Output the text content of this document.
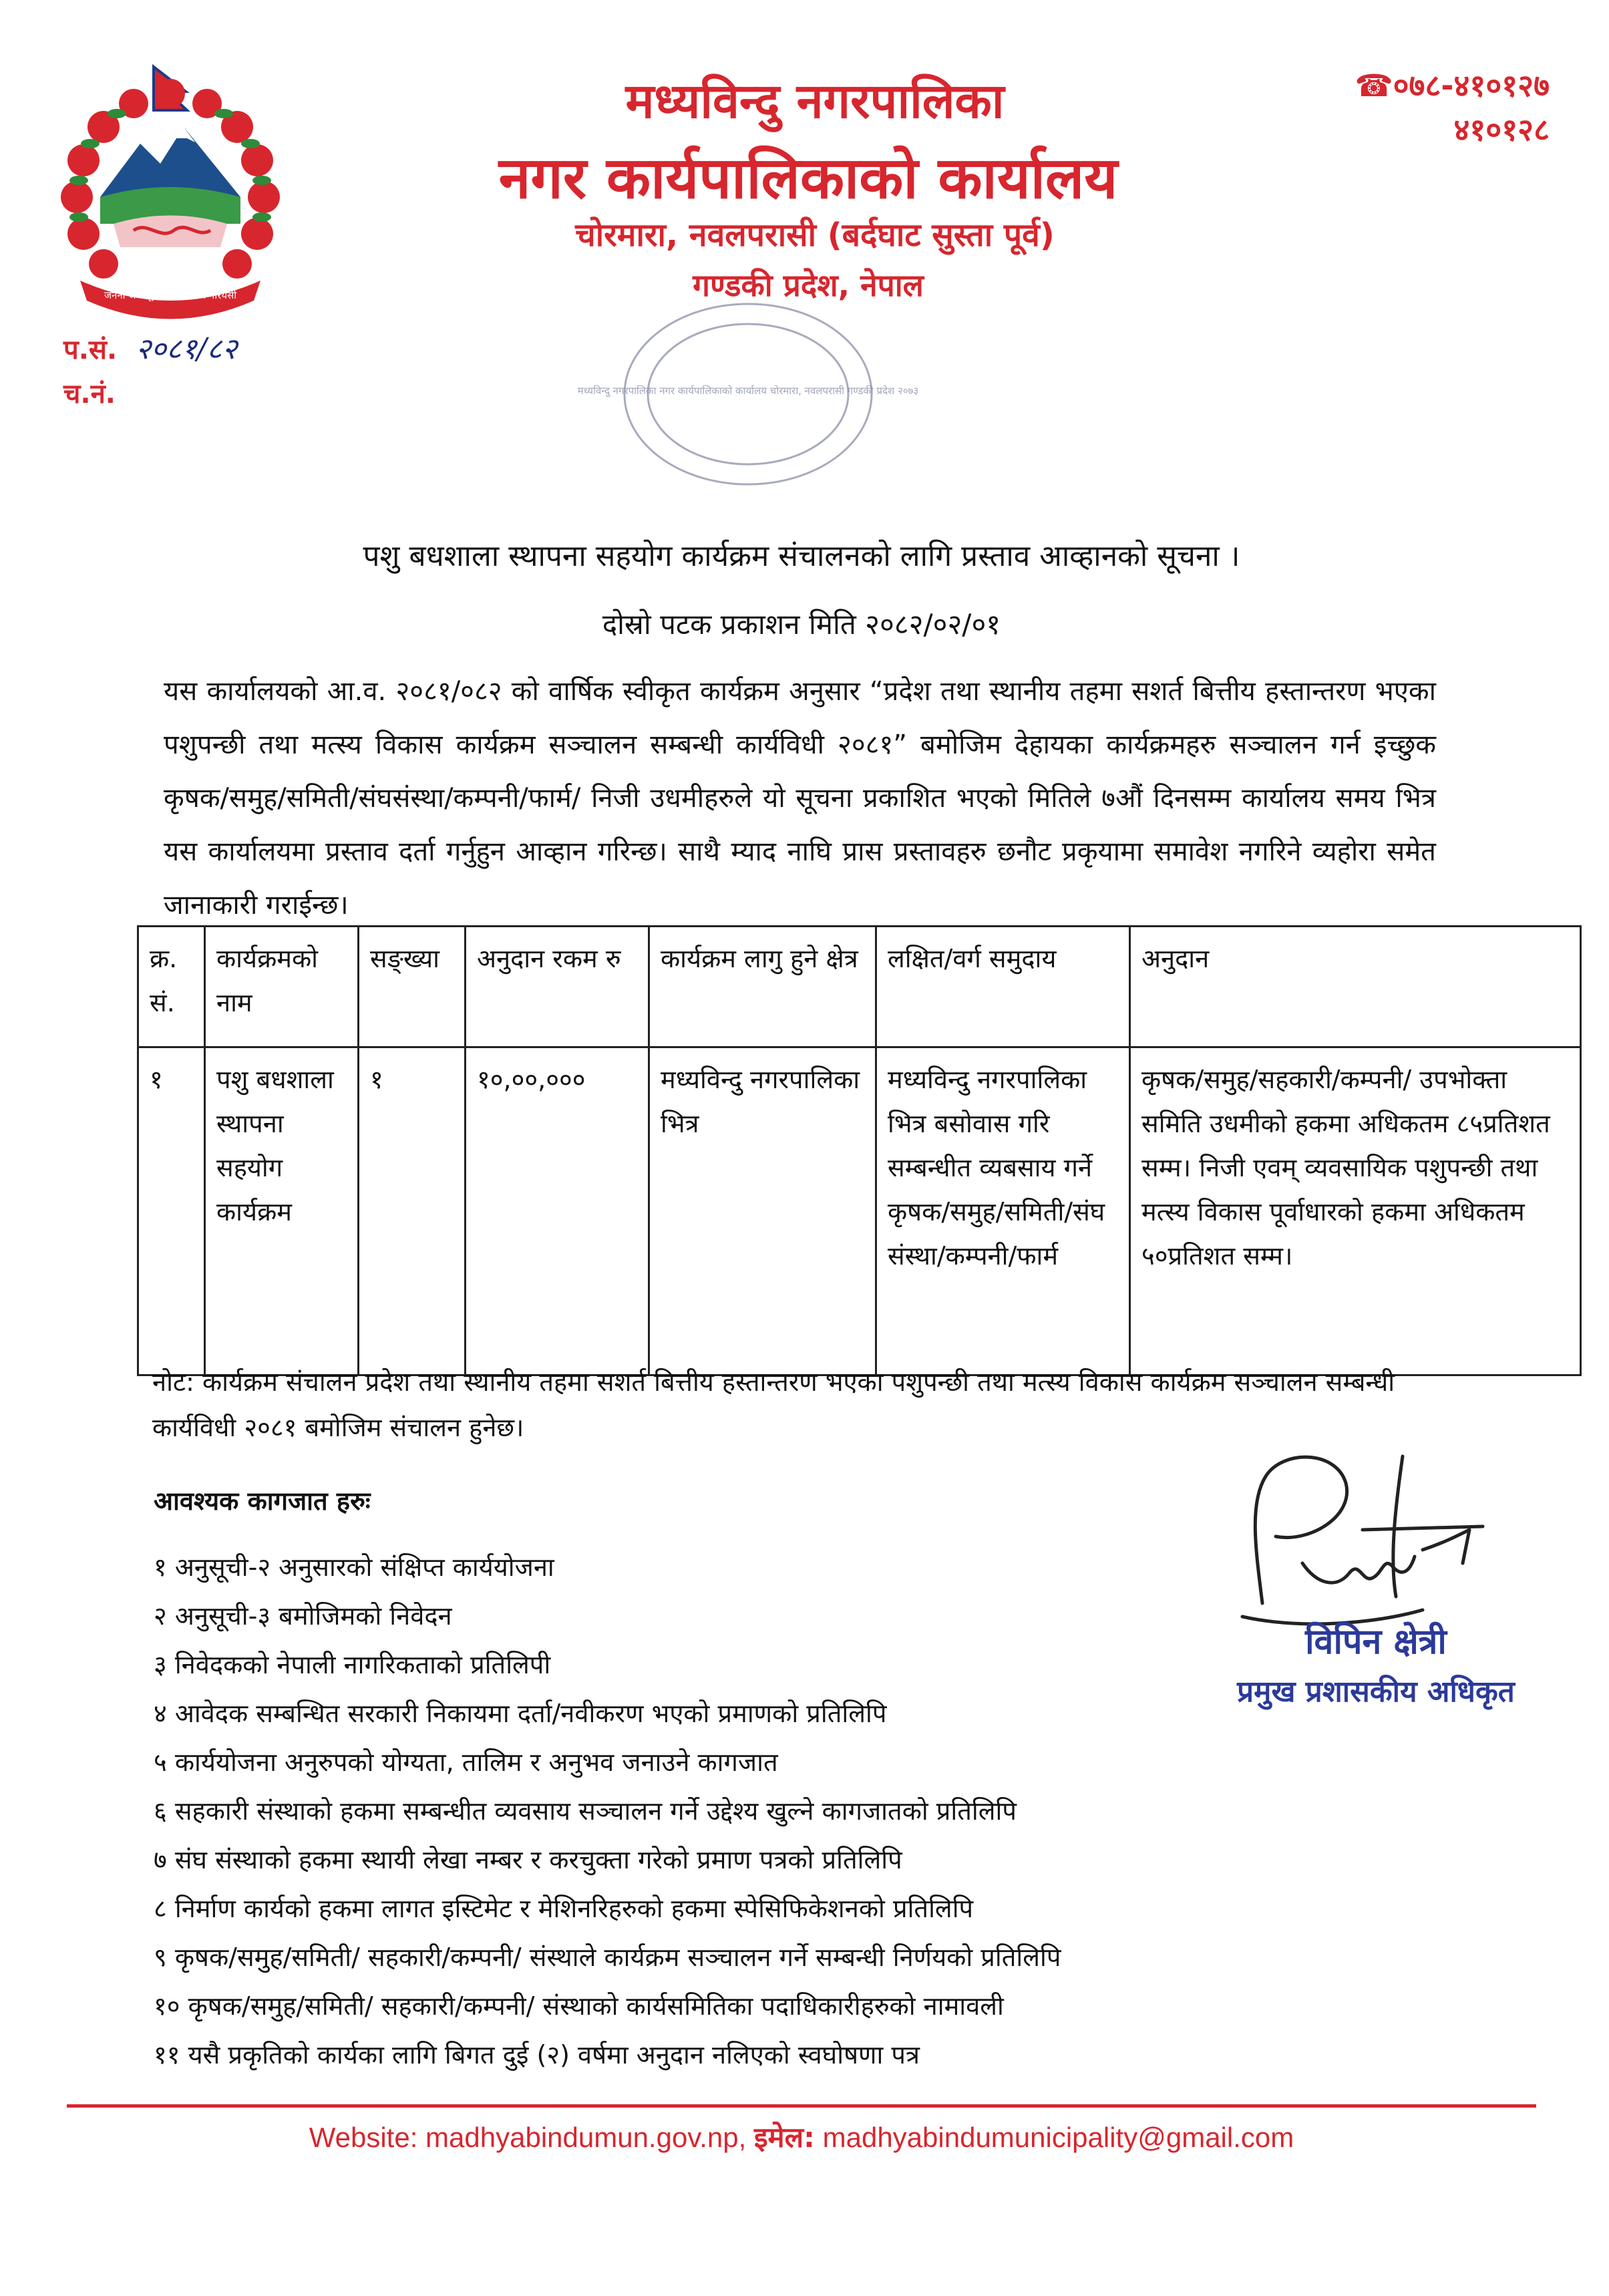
जननी जन्मभूमिश्च स्वर्गादपि गरियसी
मध्यविन्दु नगरपालिका
नगर कार्यपालिकाको कार्यालय
चोरमारा, नवलपरासी (बर्दघाट सुस्ता पूर्व)
गण्डकी प्रदेश, नेपाल
☎०७८-४१०१२७
४१०१२८
प.सं. २०८१/८२
च.नं.	मध्यविन्दु नगरपालिका नगर कार्यपालिकाको कार्यालय चोरमारा, नवलपरासी गण्डकी प्रदेश २०७३
पशु बधशाला स्थापना सहयोग कार्यक्रम संचालनको लागि प्रस्ताव आव्हानको सूचना ।
दोस्रो पटक प्रकाशन मिति २०८२/०२/०१
यस कार्यालयको आ.व. २०८१/०८२ को वार्षिक स्वीकृत कार्यक्रम अनुसार “प्रदेश तथा स्थानीय तहमा सशर्त बित्तीय हस्तान्तरण भएका पशुपन्छी तथा मत्स्य विकास कार्यक्रम सञ्चालन सम्बन्धी कार्यविधी २०८१” बमोजिम देहायका कार्यक्रमहरु सञ्चालन गर्न इच्छुक कृषक/समुह/समिती/संघसंस्था/कम्पनी/फार्म/ निजी उधमीहरुले यो सूचना प्रकाशित भएको मितिले ७औं दिनसम्म कार्यालय समय भित्र यस कार्यालयमा प्रस्ताव दर्ता गर्नुहुन आव्हान गरिन्छ। साथै म्याद नाघि प्रास प्रस्तावहरु छनौट प्रकृयामा समावेश नगरिने व्यहोरा समेत जानाकारी गराईन्छ।
क्र. सं.	कार्यक्रमको नाम	सङ्ख्या	अनुदान रकम रु	कार्यक्रम लागु हुने क्षेत्र	लक्षित/वर्ग समुदाय	अनुदान
१	पशु बधशाला स्थापना सहयोग कार्यक्रम	१	१०,००,०००	मध्यविन्दु नगरपालिका भित्र	मध्यविन्दु नगरपालिका भित्र बसोवास गरि सम्बन्धीत व्यबसाय गर्ने कृषक/समुह/समिती/संघ संस्था/कम्पनी/फार्म	कृषक/समुह/सहकारी/कम्पनी/ उपभोक्ता समिति उधमीको हकमा अधिकतम ८५प्रतिशत सम्म। निजी एवम् व्यवसायिक पशुपन्छी तथा मत्स्य विकास पूर्वाधारको हकमा अधिकतम ५०प्रतिशत सम्म।
नोट: कार्यक्रम संचालन प्रदेश तथा स्थानीय तहमा सशर्त बित्तीय हस्तान्तरण भएका पशुपन्छी तथा मत्स्य विकास कार्यक्रम सञ्चालन सम्बन्धी कार्यविधी २०८१ बमोजिम संचालन हुनेछ।
आवश्यक कागजात हरुः
१ अनुसूची-२ अनुसारको संक्षिप्त कार्ययोजना
२ अनुसूची-३ बमोजिमको निवेदन
३ निवेदकको नेपाली नागरिकताको प्रतिलिपी
४ आवेदक सम्बन्धित सरकारी निकायमा दर्ता/नवीकरण भएको प्रमाणको प्रतिलिपि
५ कार्ययोजना अनुरुपको योग्यता, तालिम र अनुभव जनाउने कागजात
६ सहकारी संस्थाको हकमा सम्बन्धीत व्यवसाय सञ्चालन गर्ने उद्देश्य खुल्ने कागजातको प्रतिलिपि
७ संघ संस्थाको हकमा स्थायी लेखा नम्बर र करचुक्ता गरेको प्रमाण पत्रको प्रतिलिपि
८ निर्माण कार्यको हकमा लागत इस्टिमेट र मेशिनरिहरुको हकमा स्पेसिफिकेशनको प्रतिलिपि
९ कृषक/समुह/समिती/ सहकारी/कम्पनी/ संस्थाले कार्यक्रम सञ्चालन गर्ने सम्बन्धी निर्णयको प्रतिलिपि
१० कृषक/समुह/समिती/ सहकारी/कम्पनी/ संस्थाको कार्यसमितिका पदाधिकारीहरुको नामावली
११ यसै प्रकृतिको कार्यका लागि बिगत दुई (२) वर्षमा अनुदान नलिएको स्वघोषणा पत्र
विपिन क्षेत्री
प्रमुख प्रशासकीय अधिकृत
Website: madhyabindumun.gov.np, इमेल: madhyabindumunicipality@gmail.com
